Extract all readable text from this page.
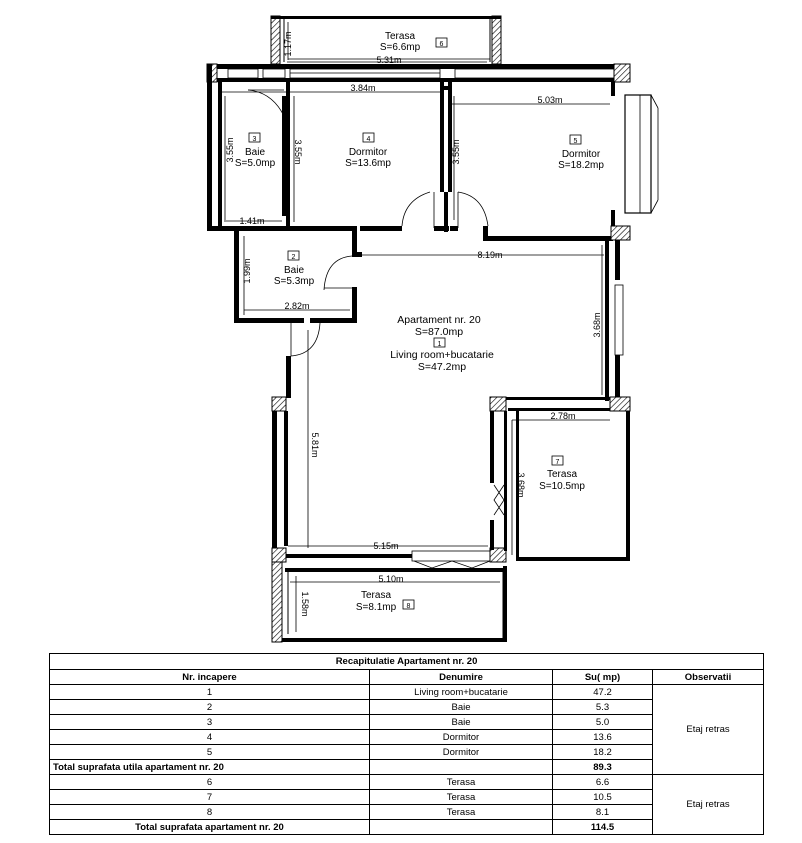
Terasa
S=6.6mp	6
3
Baie
S=5.0mp
4
Dormitor
S=13.6mp
5
Dormitor
S=18.2mp
2
Baie
S=5.3mp
Apartament nr. 20
S=87.0mp
1
Living room+bucatarie
S=47.2mp
7
Terasa
S=10.5mp
Terasa
S=8.1mp 8
1.17m
5.31m
3.84m
5.03m
3.55m	3.55m	3.55m
1.41m
8.19m
1.99m
2.82m
3.68m
2.78m
3.68m
5.81m
5.15m
5.10m
1.58m
Recapitulatie Apartament nr. 20			
Nr. incapere	Denumire	Su( mp)	Observatii
1	Living room+bucatarie	47.2	Etaj retras
2	Baie	5.3	
3	Baie	5.0	
4	Dormitor	13.6	
5	Dormitor	18.2	
Total suprafata utila apartament nr. 20		89.3	
6	Terasa	6.6	Etaj retras
7	Terasa	10.5	
8	Terasa	8.1	
Total suprafata apartament nr. 20		114.5	
